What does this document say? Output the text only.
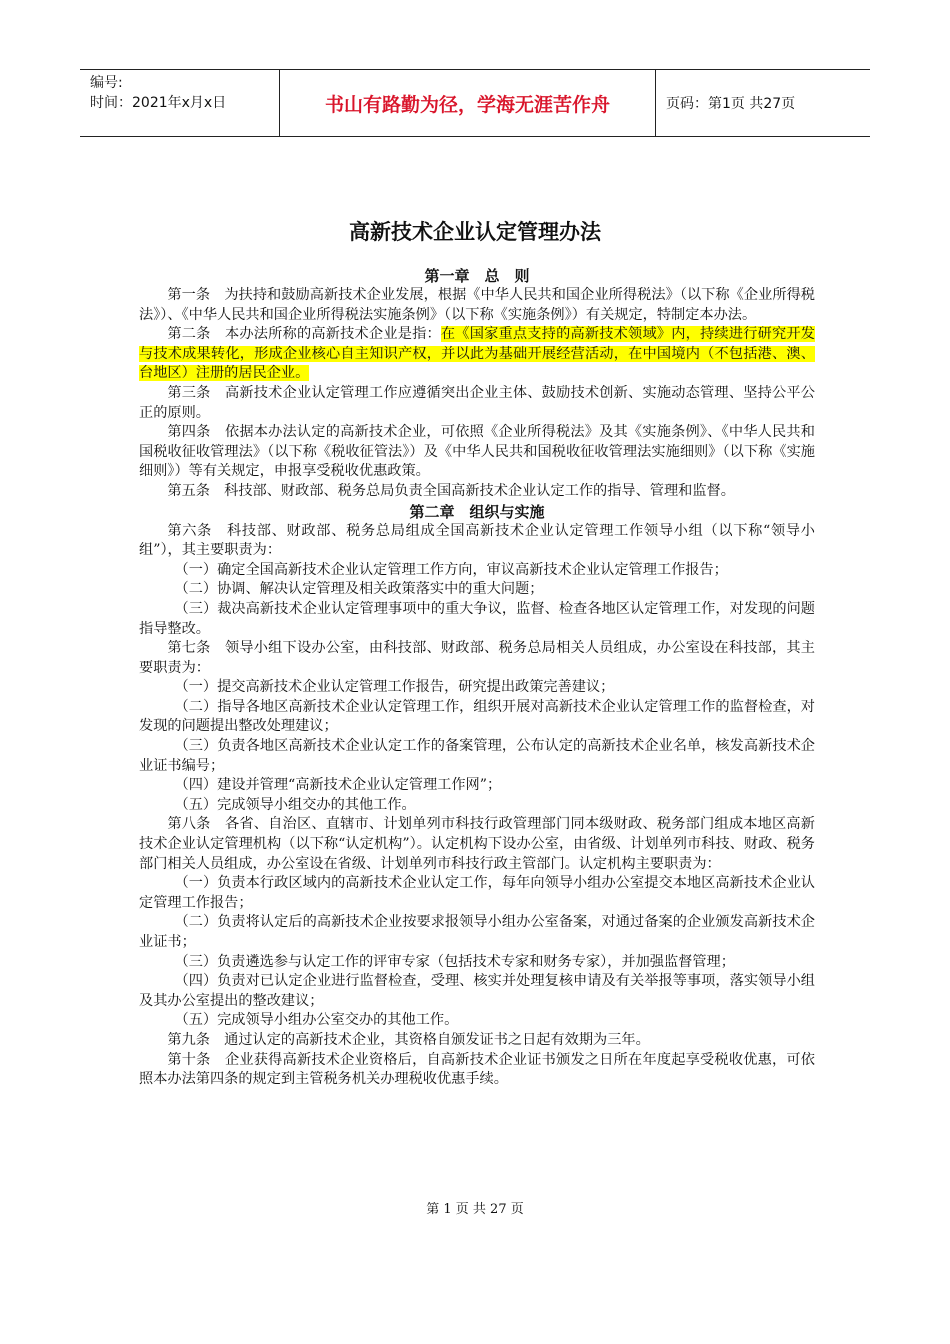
编号:
时间：2021年x月x日	书山有路勤为径，学海无涯苦作舟	页码：第1页 共27页
高新技术企业认定管理办法
第一章　总　则

第一条　为扶持和鼓励高新技术企业发展，根据《中华人民共和国企业所得税法》（以下称《企业所得税法》）、《中华人民共和国企业所得税法实施条例》（以下称《实施条例》）有关规定，特制定本办法。

第二条　本办法所称的高新技术企业是指：在《国家重点支持的高新技术领域》内，持续进行研究开发与技术成果转化，形成企业核心自主知识产权，并以此为基础开展经营活动，在中国境内（不包括港、澳、台地区）注册的居民企业。

第三条　高新技术企业认定管理工作应遵循突出企业主体、鼓励技术创新、实施动态管理、坚持公平公正的原则。

第四条　依据本办法认定的高新技术企业，可依照《企业所得税法》及其《实施条例》、《中华人民共和国税收征收管理法》（以下称《税收征管法》）及《中华人民共和国税收征收管理法实施细则》（以下称《实施细则》）等有关规定，申报享受税收优惠政策。

第五条　科技部、财政部、税务总局负责全国高新技术企业认定工作的指导、管理和监督。

第二章　组织与实施

第六条　科技部、财政部、税务总局组成全国高新技术企业认定管理工作领导小组（以下称“领导小组”），其主要职责为：

（一）确定全国高新技术企业认定管理工作方向，审议高新技术企业认定管理工作报告；

（二）协调、解决认定管理及相关政策落实中的重大问题；

（三）裁决高新技术企业认定管理事项中的重大争议，监督、检查各地区认定管理工作，对发现的问题指导整改。

第七条　领导小组下设办公室，由科技部、财政部、税务总局相关人员组成，办公室设在科技部，其主要职责为：

（一）提交高新技术企业认定管理工作报告，研究提出政策完善建议；

（二）指导各地区高新技术企业认定管理工作，组织开展对高新技术企业认定管理工作的监督检查，对发现的问题提出整改处理建议；

（三）负责各地区高新技术企业认定工作的备案管理，公布认定的高新技术企业名单，核发高新技术企业证书编号；

（四）建设并管理“高新技术企业认定管理工作网”；

（五）完成领导小组交办的其他工作。

第八条　各省、自治区、直辖市、计划单列市科技行政管理部门同本级财政、税务部门组成本地区高新技术企业认定管理机构（以下称“认定机构”）。认定机构下设办公室，由省级、计划单列市科技、财政、税务部门相关人员组成，办公室设在省级、计划单列市科技行政主管部门。认定机构主要职责为：

（一）负责本行政区域内的高新技术企业认定工作，每年向领导小组办公室提交本地区高新技术企业认定管理工作报告；

（二）负责将认定后的高新技术企业按要求报领导小组办公室备案，对通过备案的企业颁发高新技术企业证书；

（三）负责遴选参与认定工作的评审专家（包括技术专家和财务专家），并加强监督管理；

（四）负责对已认定企业进行监督检查，受理、核实并处理复核申请及有关举报等事项，落实领导小组及其办公室提出的整改建议；

（五）完成领导小组办公室交办的其他工作。

第九条　通过认定的高新技术企业，其资格自颁发证书之日起有效期为三年。

第十条　企业获得高新技术企业资格后，自高新技术企业证书颁发之日所在年度起享受税收优惠，可依照本办法第四条的规定到主管税务机关办理税收优惠手续。

第 1 页 共 27 页
